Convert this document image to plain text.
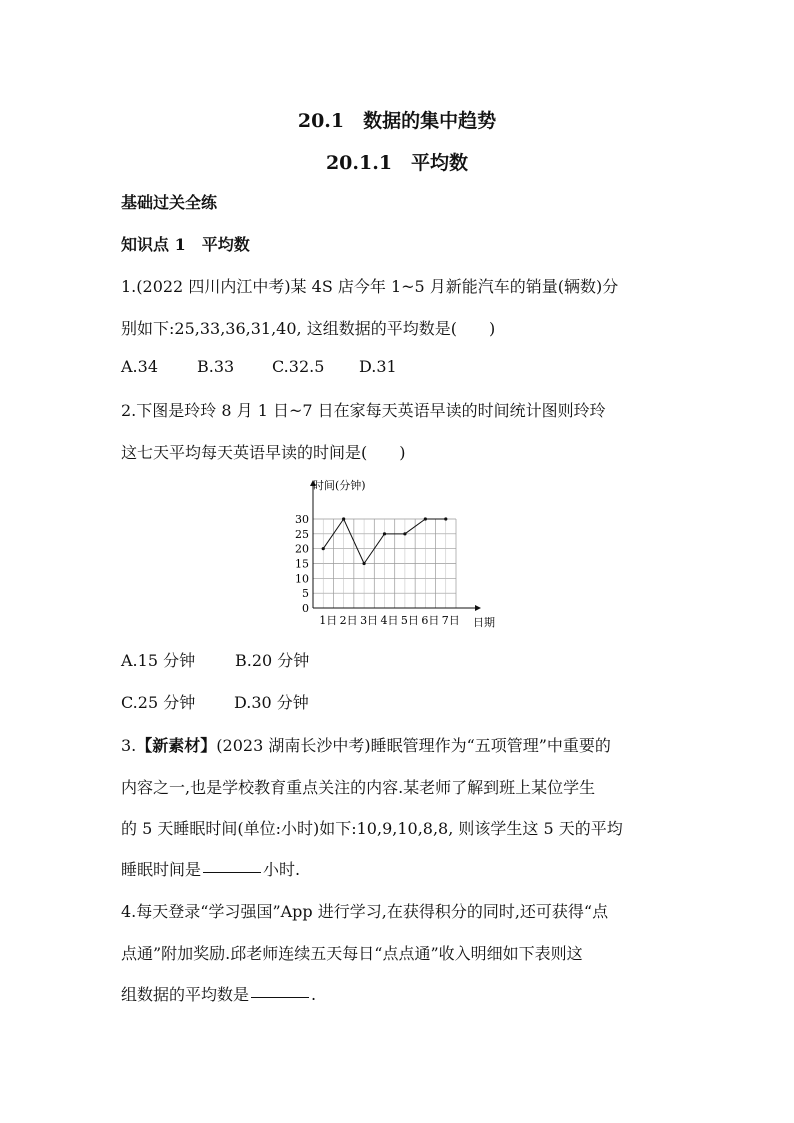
20.1　数据的集中趋势
20.1.1　平均数
基础过关全练
知识点 1　平均数
1.(2022 四川内江中考)某 4S 店今年 1~5 月新能汽车的销量(辆数)分
别如下:25,33,36,31,40, 这组数据的平均数是(　　)
A.34 B.33 C.32.5 D.31
2.下图是玲玲 8 月 1 日~7 日在家每天英语早读的时间统计图则玲玲
这七天平均每天英语早读的时间是(　　)
0
5
10
15
20
25
30
1日 2日 3日 4日 5日 6日 7日
时间(分钟)
日期
A.15 分钟 B.20 分钟
C.25 分钟 D.30 分钟
3.【新素材】(2023 湖南长沙中考)睡眠管理作为“五项管理”中重要的
内容之一,也是学校教育重点关注的内容.某老师了解到班上某位学生
的 5 天睡眠时间(单位:小时)如下:10,9,10,8,8, 则该学生这 5 天的平均
睡眠时间是	小时.
4.每天登录“学习强国”App 进行学习,在获得积分的同时,还可获得“点
点通”附加奖励.邱老师连续五天每日“点点通”收入明细如下表则这
组数据的平均数是	.
